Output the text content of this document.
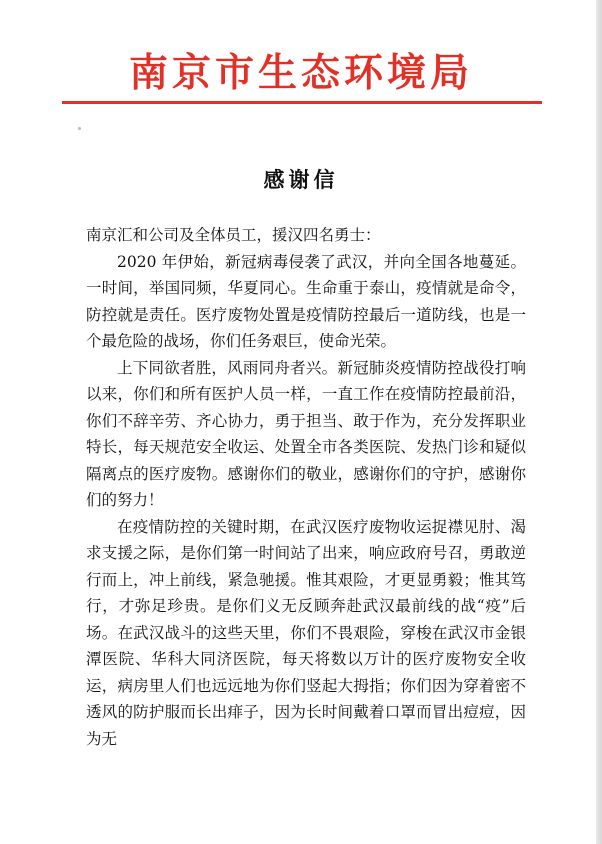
南京市生态环境局
感谢信

南京汇和公司及全体员工，援汉四名勇士：

2020 年伊始，新冠病毒侵袭了武汉，并向全国各地蔓延。一时间，举国同频，华夏同心。生命重于泰山，疫情就是命令，防控就是责任。医疗废物处置是疫情防控最后一道防线，也是一个最危险的战场，你们任务艰巨，使命光荣。

上下同欲者胜，风雨同舟者兴。新冠肺炎疫情防控战役打响以来，你们和所有医护人员一样，一直工作在疫情防控最前沿，你们不辞辛劳、齐心协力，勇于担当、敢于作为，充分发挥职业特长，每天规范安全收运、处置全市各类医院、发热门诊和疑似隔离点的医疗废物。感谢你们的敬业，感谢你们的守护，感谢你们的努力！

在疫情防控的关键时期，在武汉医疗废物收运捉襟见肘、渴求支援之际，是你们第一时间站了出来，响应政府号召，勇敢逆行而上，冲上前线，紧急驰援。惟其艰险，才更显勇毅；惟其笃行，才弥足珍贵。是你们义无反顾奔赴武汉最前线的战“疫”后场。在武汉战斗的这些天里，你们不畏艰险，穿梭在武汉市金银潭医院、华科大同济医院，每天将数以万计的医疗废物安全收运，病房里人们也远远地为你们竖起大拇指；你们因为穿着密不透风的防护服而长出痱子，因为长时间戴着口罩而冒出痘痘，因为无
